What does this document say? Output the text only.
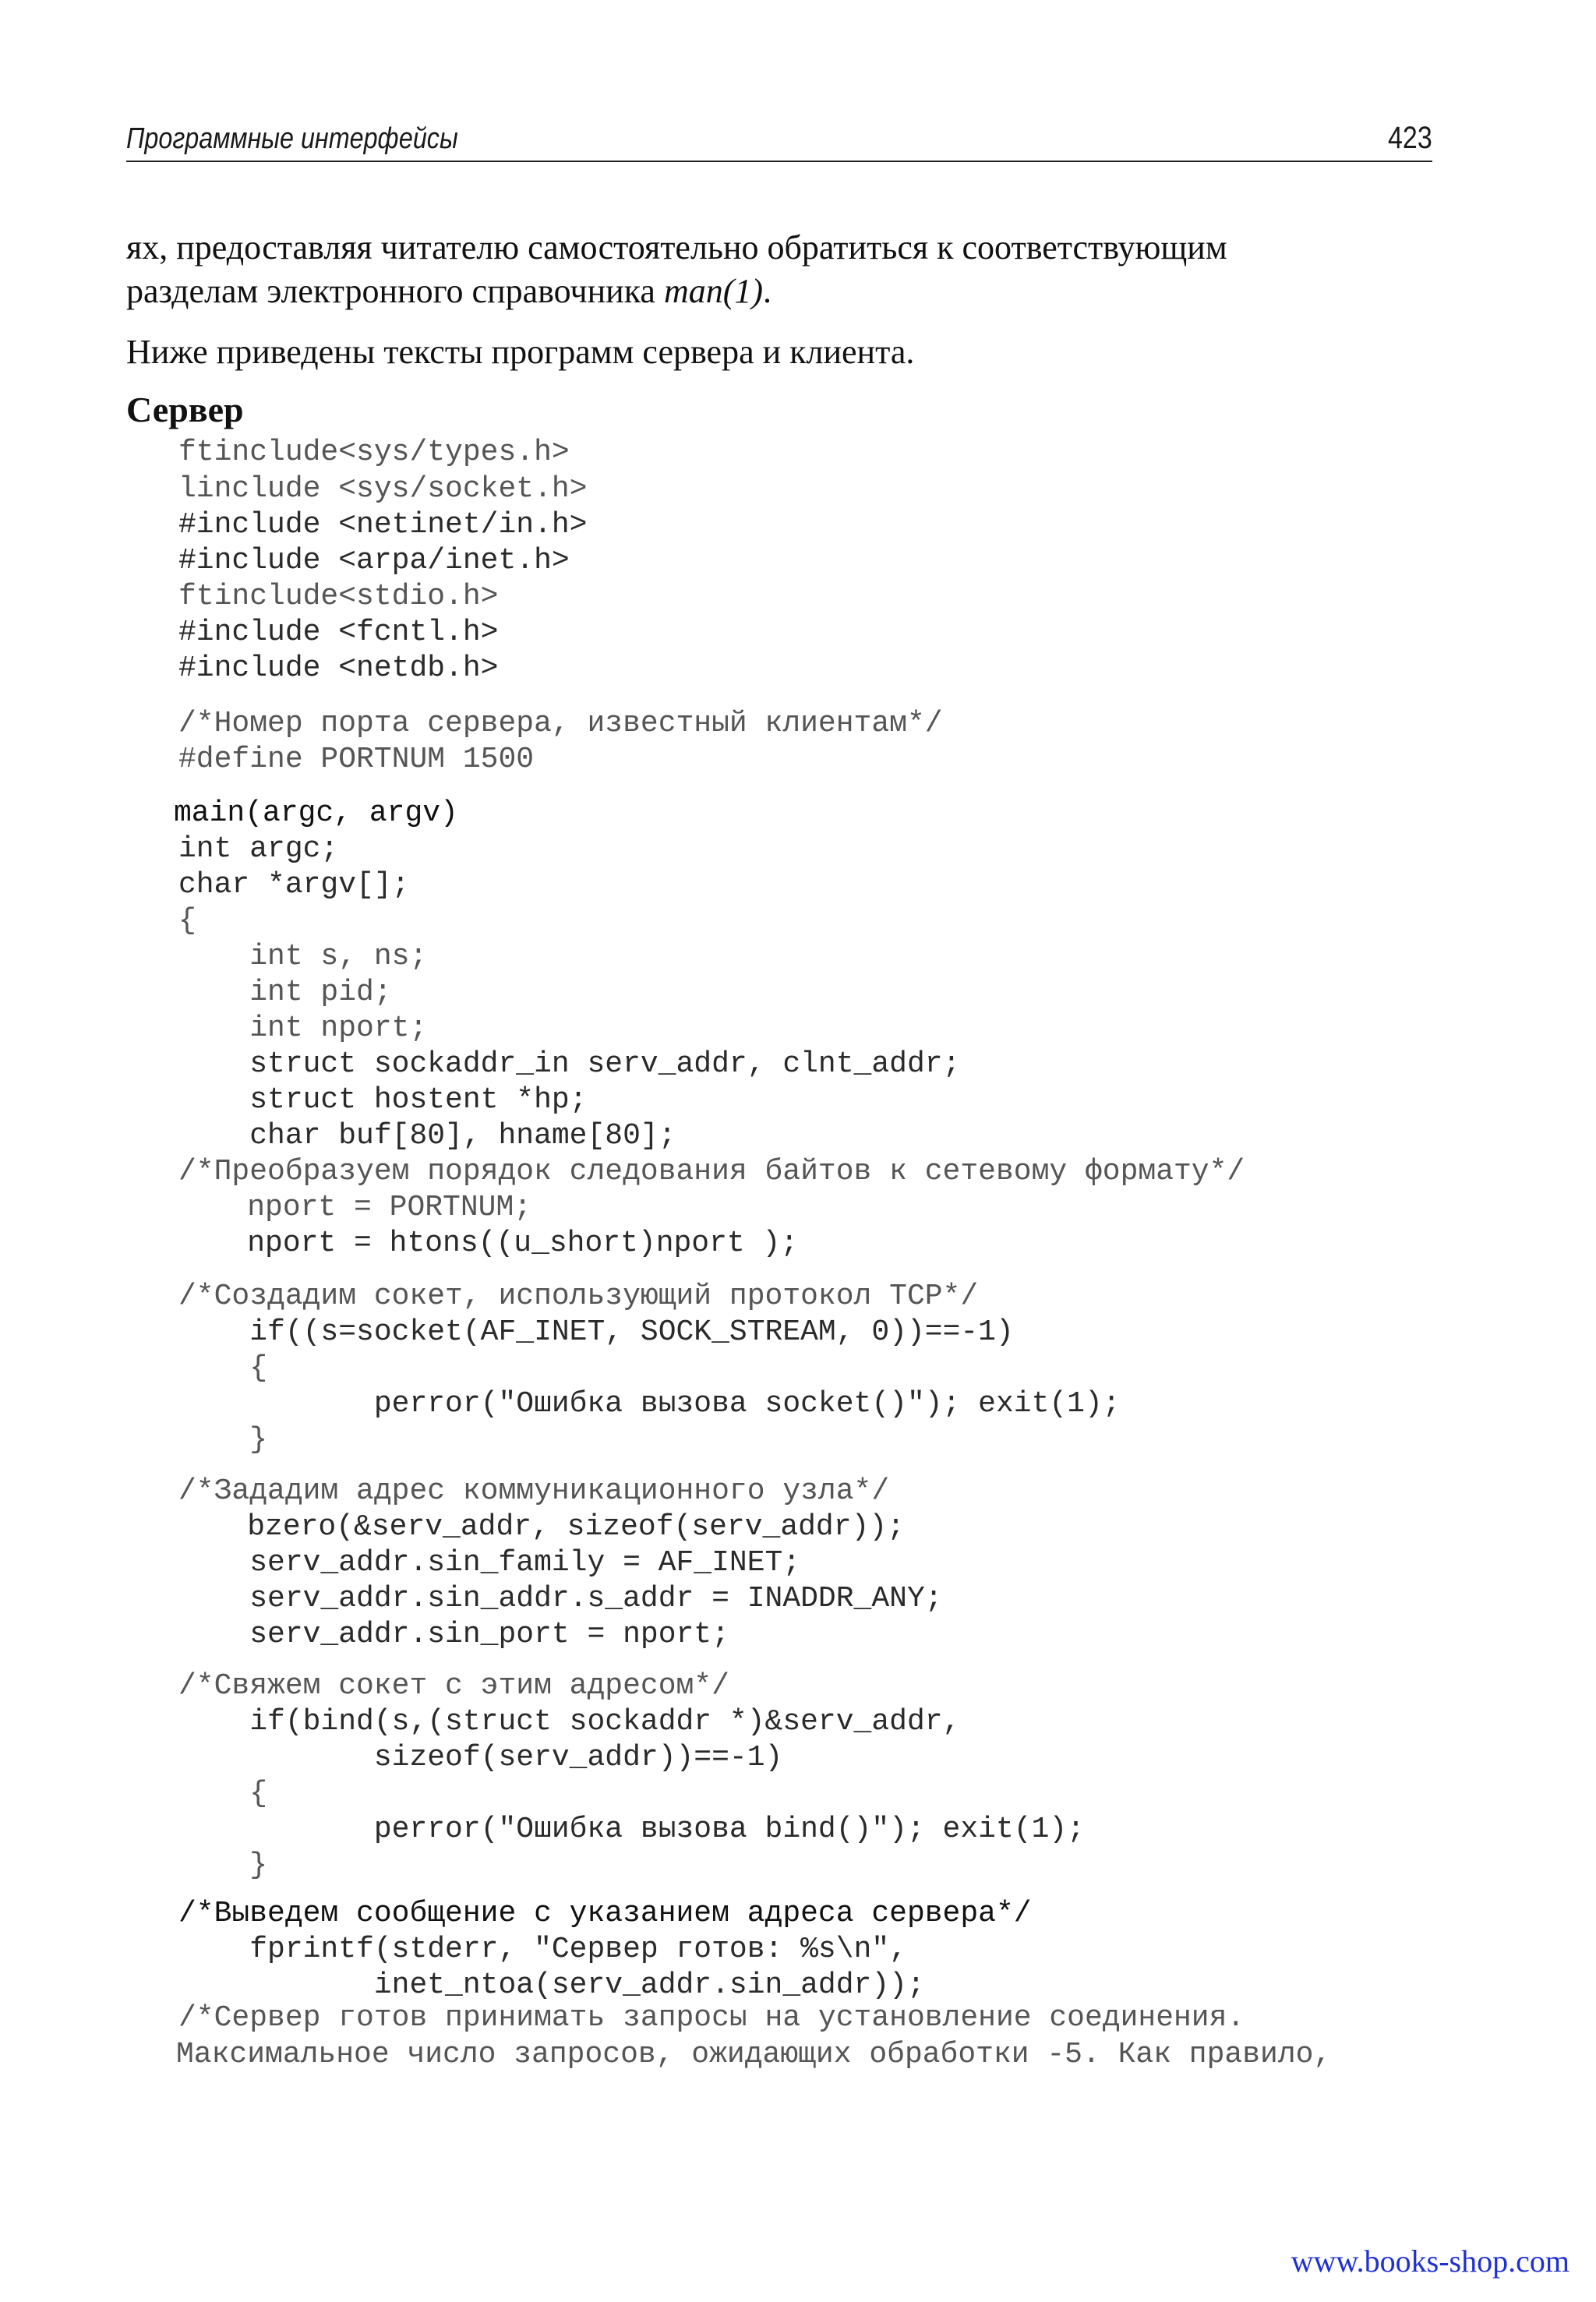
Программные интерфейсы	423
ях, предоставляя читателю самостоятельно обратиться к соответствующим
разделам электронного справочника man(1).
Ниже приведены тексты программ сервера и клиента.
Сервер
ftinclude<sys/types.h>
linclude <sys/socket.h>
#include <netinet/in.h>
#include <arpa/inet.h>
ftinclude<stdio.h>
#include <fcntl.h>
#include <netdb.h>
/*Номер порта сервера, известный клиентам*/
#define PORTNUM 1500
main(argc, argv)
int argc;
char *argv[];
{
int s, ns;
int pid;
int nport;
struct sockaddr_in serv_addr, clnt_addr;
struct hostent *hp;
char buf[80], hname[80];
/*Преобразуем порядок следования байтов к сетевому формату*/
nport = PORTNUM;
nport = htons((u_short)nport );
/*Создадим сокет, использующий протокол TCP*/
if((s=socket(AF_INET, SOCK_STREAM, 0))==-1)
{
perror("Ошибка вызова socket()"); exit(1);
}
/*Зададим адрес коммуникационного узла*/
bzero(&serv_addr, sizeof(serv_addr));
serv_addr.sin_family = AF_INET;
serv_addr.sin_addr.s_addr = INADDR_ANY;
serv_addr.sin_port = nport;
/*Свяжем сокет с этим адресом*/
if(bind(s,(struct sockaddr *)&serv_addr,
sizeof(serv_addr))==-1)
{
perror("Ошибка вызова bind()"); exit(1);
}
/*Выведем сообщение с указанием адреса сервера*/
fprintf(stderr, "Сервер готов: %s\n",
inet_ntoa(serv_addr.sin_addr));
/*Сервер готов принимать запросы на установление соединения.
Максимальное число запросов, ожидающих обработки -5. Как правило,
www.books-shop.com
